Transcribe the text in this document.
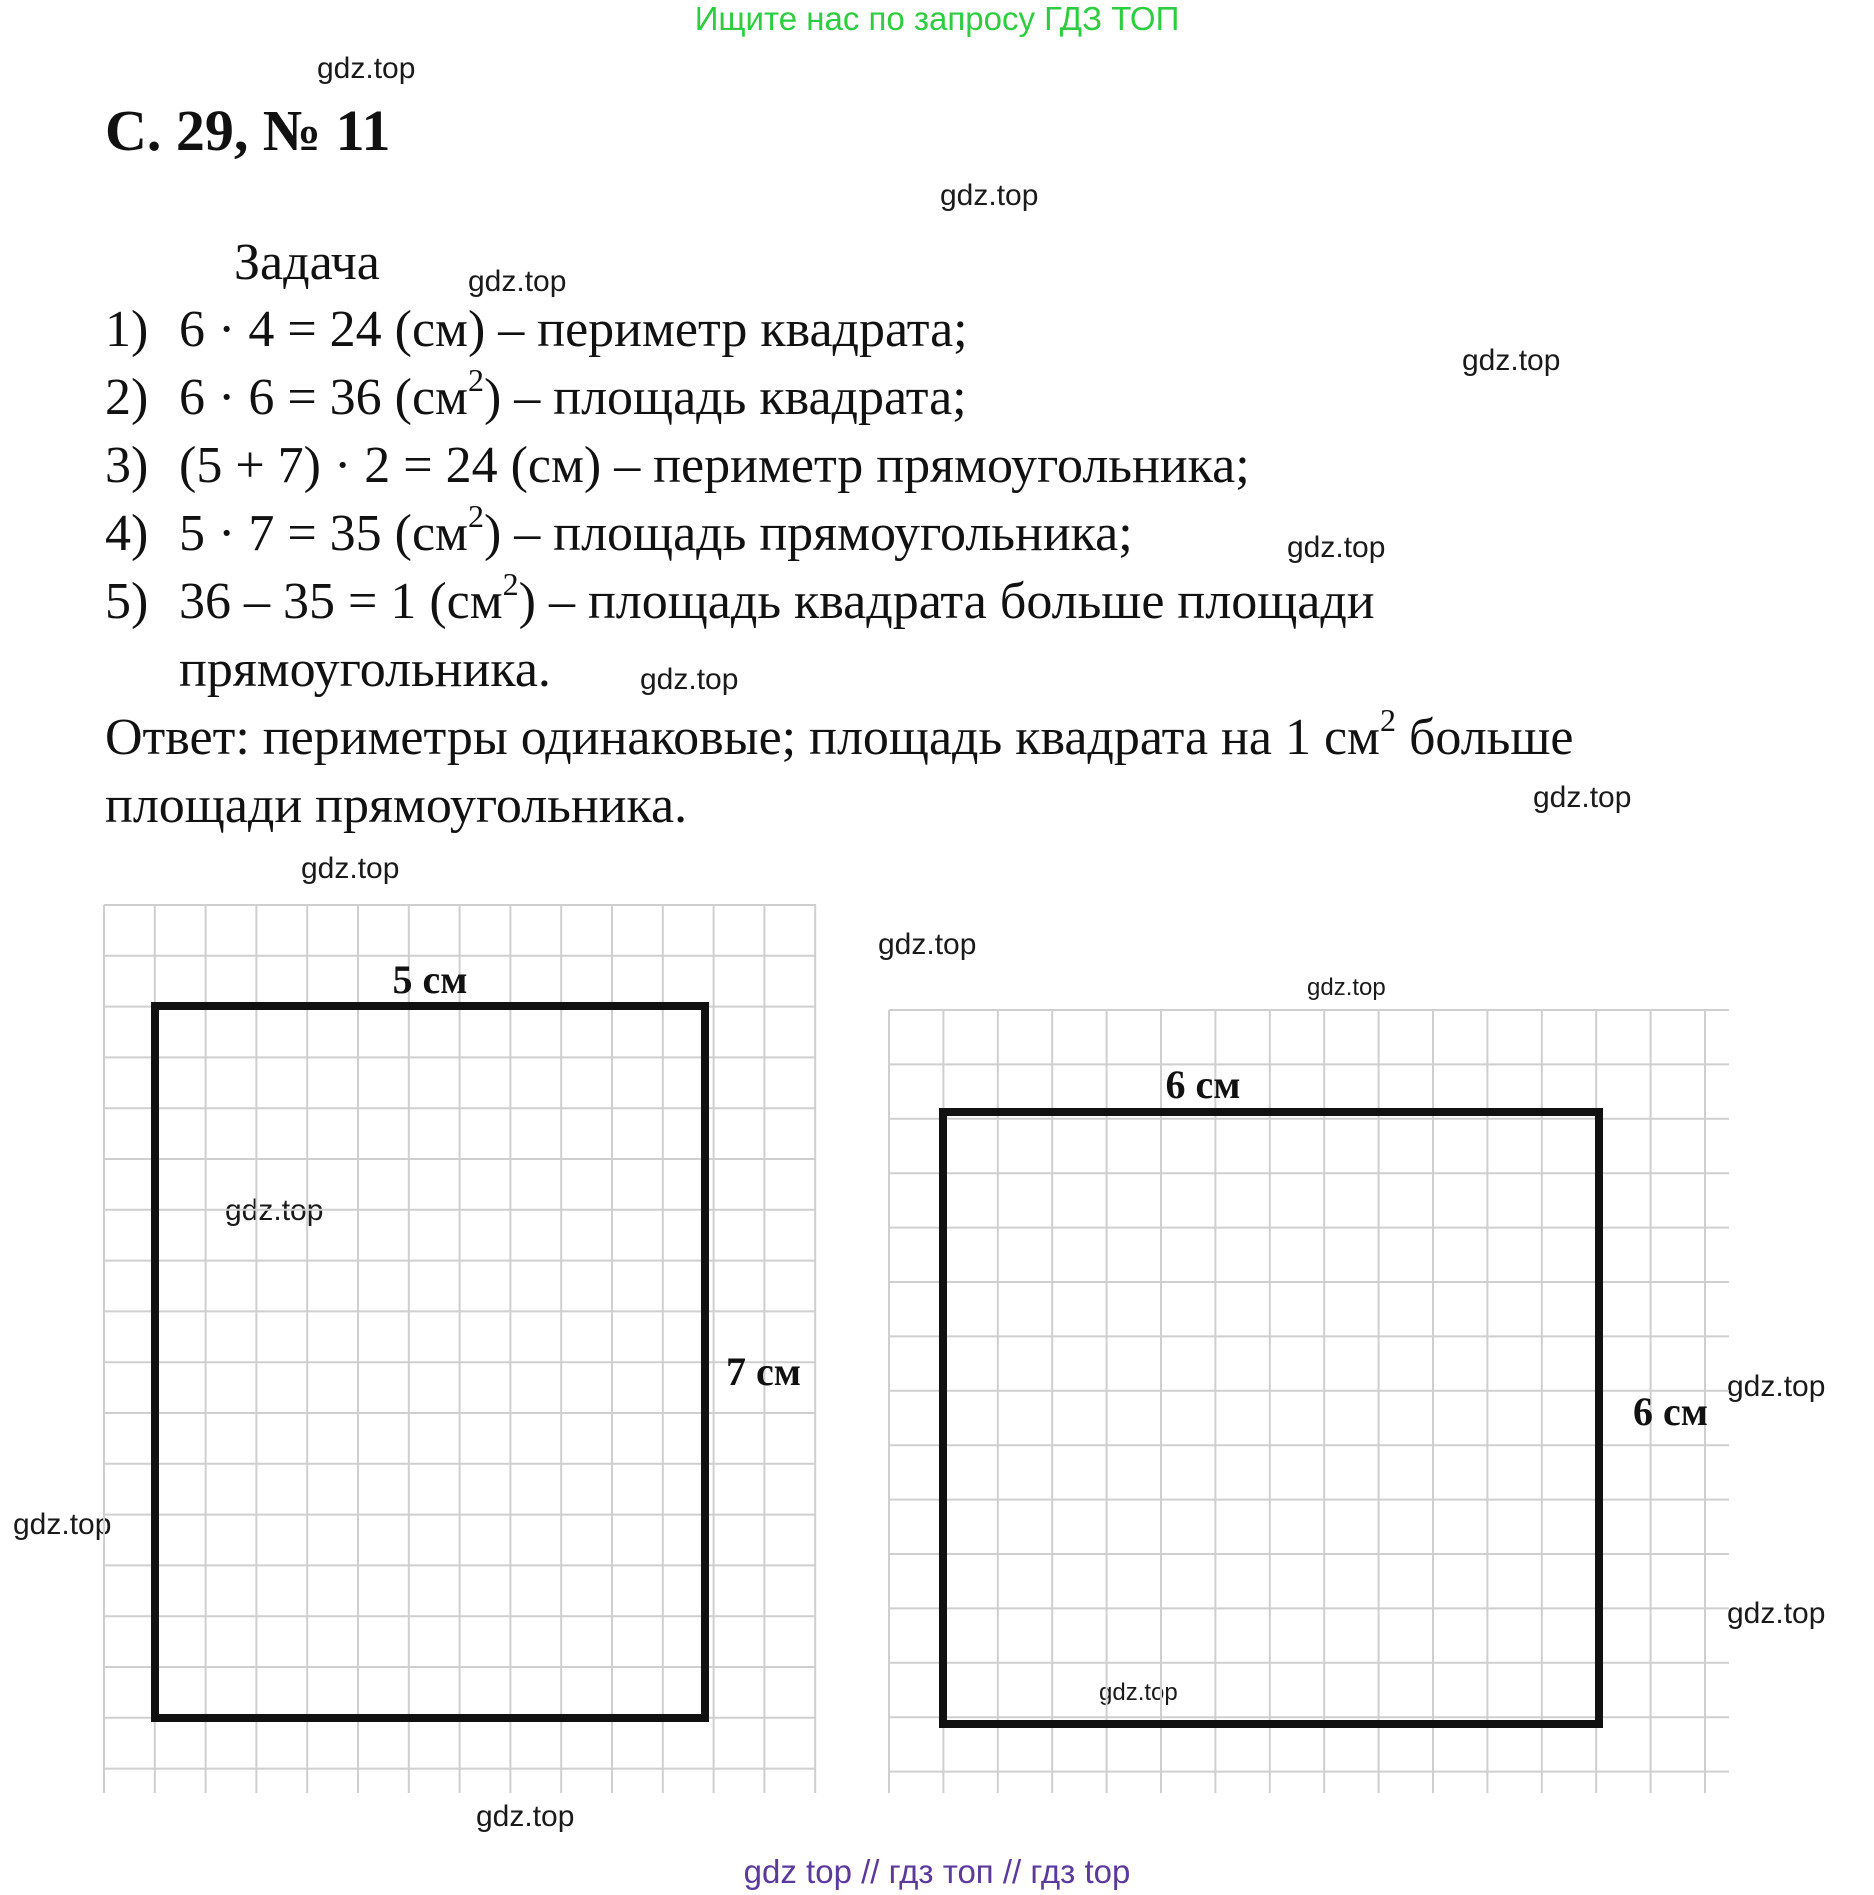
Ищите нас по запросу ГДЗ ТОП
gdz.top
gdz.top
gdz.top
gdz.top
gdz.top
gdz.top
gdz.top
gdz.top
gdz.top
gdz.top
gdz.top
gdz.top
gdz.top
gdz.top
gdz.top
gdz.top
С. 29, № 11
Задача
1) 6 · 4 = 24 (см) – периметр квадрата;
2) 6 · 6 = 36 $(см^2)$ – площадь квадрата;
3) (5 + 7) · 2 = 24 (см) – периметр прямоугольника;
4) 5 · 7 = 35 $(см^2)$ – площадь прямоугольника;
5) 36 – 35 = 1 $(см^2)$ – площадь квадрата больше площади
прямоугольника.
Ответ: периметры одинаковые; площадь квадрата на 1 $см^2$ больше
площади прямоугольника.
5 см
7 см
6 см
6 см
gdz top // гдз топ // гдз top
